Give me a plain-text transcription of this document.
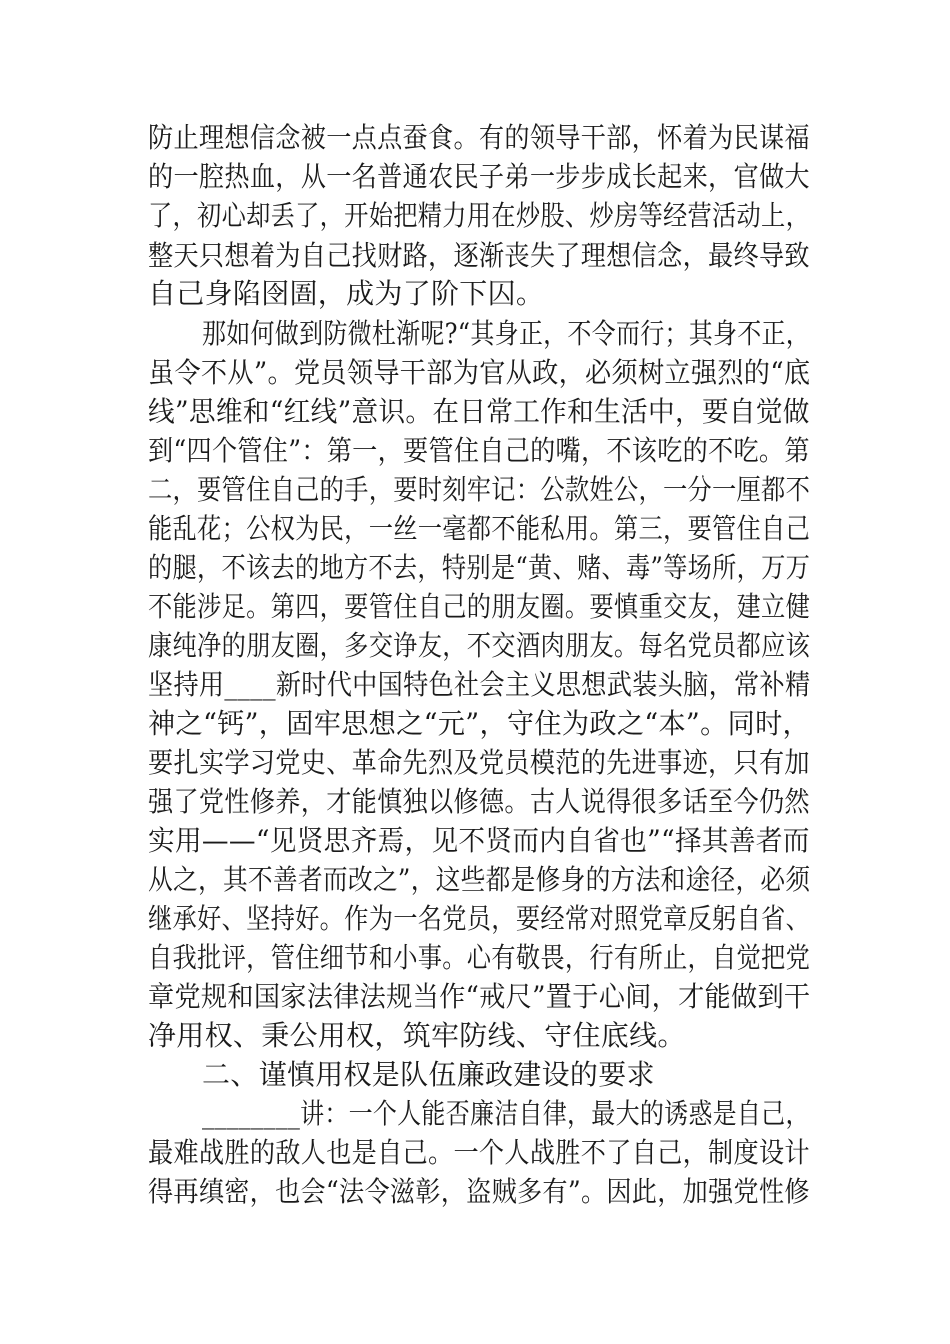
防止理想信念被一点点蚕食。有的领导干部，怀着为民谋福
的一腔热血，从一名普通农民子弟一步步成长起来，官做大
了，初心却丢了，开始把精力用在炒股、炒房等经营活动上，
整天只想着为自己找财路，逐渐丧失了理想信念，最终导致
自己身陷囹圄，成为了阶下囚。
那如何做到防微杜渐呢?“其身正，不令而行；其身不正，
虽令不从”。党员领导干部为官从政，必须树立强烈的“底
线”思维和“红线”意识。在日常工作和生活中，要自觉做
到“四个管住”：第一，要管住自己的嘴，不该吃的不吃。第
二，要管住自己的手，要时刻牢记：公款姓公，一分一厘都不
能乱花；公权为民，一丝一毫都不能私用。第三，要管住自己
的腿，不该去的地方不去，特别是“黄、赌、毒”等场所，万万
不能涉足。第四，要管住自己的朋友圈。要慎重交友，建立健
康纯净的朋友圈，多交诤友，不交酒肉朋友。每名党员都应该
坚持用____新时代中国特色社会主义思想武装头脑，常补精
神之“钙”，固牢思想之“元”，守住为政之“本”。同时，
要扎实学习党史、革命先烈及党员模范的先进事迹，只有加
强了党性修养，才能慎独以修德。古人说得很多话至今仍然
实用——“见贤思齐焉，见不贤而内自省也”“择其善者而
从之，其不善者而改之”，这些都是修身的方法和途径，必须
继承好、坚持好。作为一名党员，要经常对照党章反躬自省、
自我批评，管住细节和小事。心有敬畏，行有所止，自觉把党
章党规和国家法律法规当作“戒尺”置于心间，才能做到干
净用权、秉公用权，筑牢防线、守住底线。
二、谨慎用权是队伍廉政建设的要求
________讲：一个人能否廉洁自律，最大的诱惑是自己，
最难战胜的敌人也是自己。一个人战胜不了自己，制度设计
得再缜密，也会“法令滋彰，盗贼多有”。因此，加强党性修
